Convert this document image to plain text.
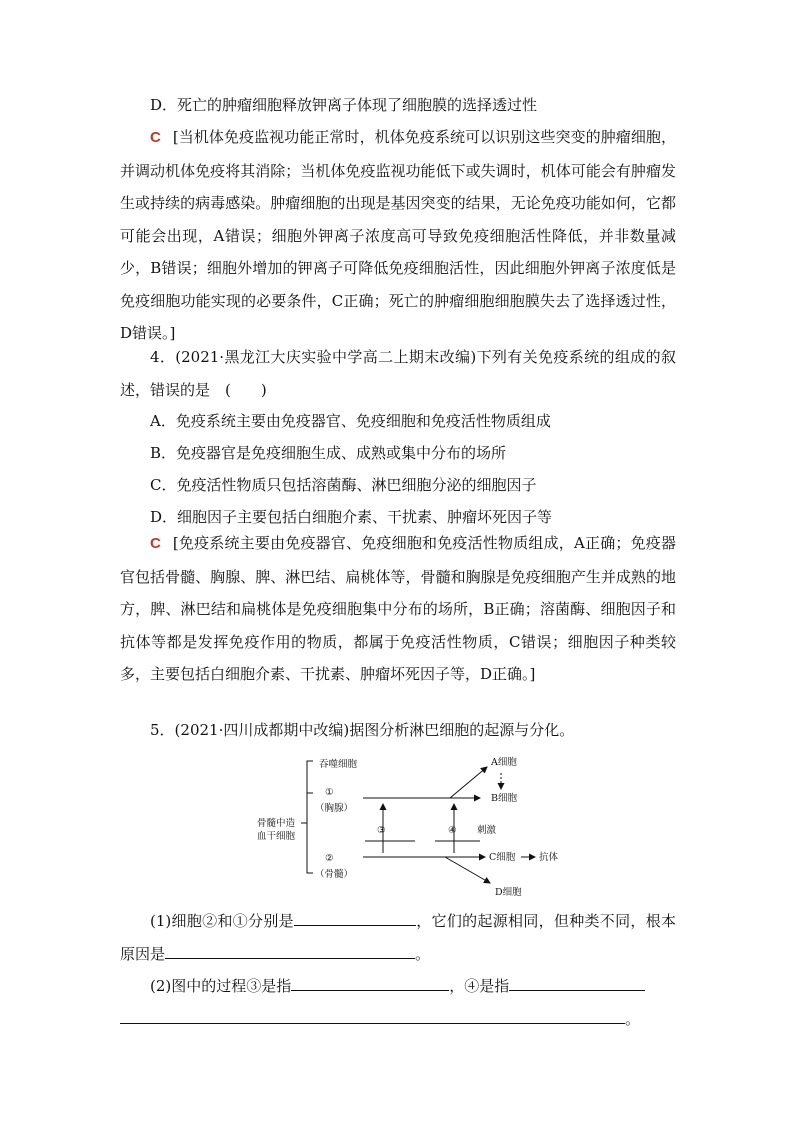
D．死亡的肿瘤细胞释放钾离子体现了细胞膜的选择透过性
C [当机体免疫监视功能正常时，机体免疫系统可以识别这些突变的肿瘤细胞，并调动机体免疫将其消除；当机体免疫监视功能低下或失调时，机体可能会有肿瘤发生或持续的病毒感染。肿瘤细胞的出现是基因突变的结果，无论免疫功能如何，它都可能会出现，A错误；细胞外钾离子浓度高可导致免疫细胞活性降低，并非数量减少，B错误；细胞外增加的钾离子可降低免疫细胞活性，因此细胞外钾离子浓度低是免疫细胞功能实现的必要条件，C正确；死亡的肿瘤细胞细胞膜失去了选择透过性，D错误。]
4．(2021·黑龙江大庆实验中学高二上期末改编)下列有关免疫系统的组成的叙述，错误的是　(　　)
A．免疫系统主要由免疫器官、免疫细胞和免疫活性物质组成
B．免疫器官是免疫细胞生成、成熟或集中分布的场所
C．免疫活性物质只包括溶菌酶、淋巴细胞分泌的细胞因子
D．细胞因子主要包括白细胞介素、干扰素、肿瘤坏死因子等
C [免疫系统主要由免疫器官、免疫细胞和免疫活性物质组成，A正确；免疫器官包括骨髓、胸腺、脾、淋巴结、扁桃体等，骨髓和胸腺是免疫细胞产生并成熟的地方，脾、淋巴结和扁桃体是免疫细胞集中分布的场所，B正确；溶菌酶、细胞因子和抗体等都是发挥免疫作用的物质，都属于免疫活性物质，C错误；细胞因子种类较多，主要包括白细胞介素、干扰素、肿瘤坏死因子等，D正确。]
5．(2021·四川成都期中改编)据图分析淋巴细胞的起源与分化。
骨髓中造
血干细胞
吞噬细胞
①
（胸腺）
②
（骨髓）
A细胞
B细胞
C细胞 抗体
D细胞
③	④ 刺激
(1)细胞②和①分别是	，它们的起源相同，但种类不同，根本原因是	。
(2)图中的过程③是指	，④是指
。
